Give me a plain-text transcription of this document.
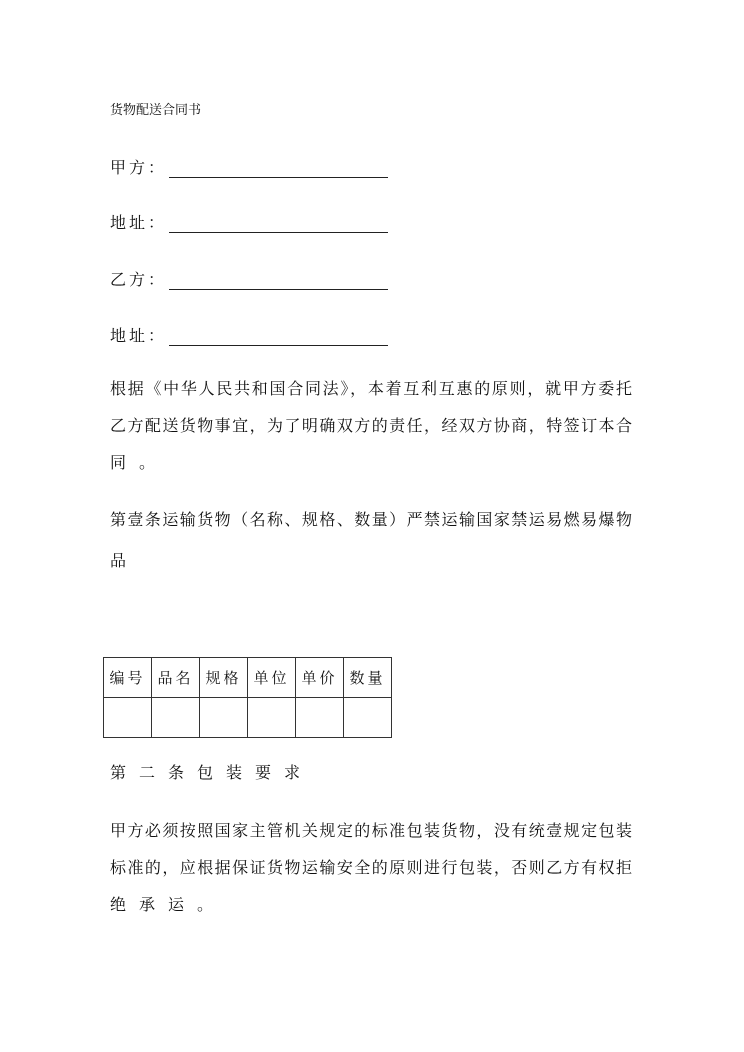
货物配送合同书
甲方：
地址：
乙方：
地址：
根据《中华人民共和国合同法》，本着互利互惠的原则，就甲方委托
乙方配送货物事宜，为了明确双方的责任，经双方协商，特签订本合
同。
第壹条运输货物（名称、规格、数量）严禁运输国家禁运易燃易爆物
品
编号	品名	规格	单位	单价	数量

第二条包装要求
甲方必须按照国家主管机关规定的标准包装货物，没有统壹规定包装
标准的，应根据保证货物运输安全的原则进行包装，否则乙方有权拒
绝承运。
